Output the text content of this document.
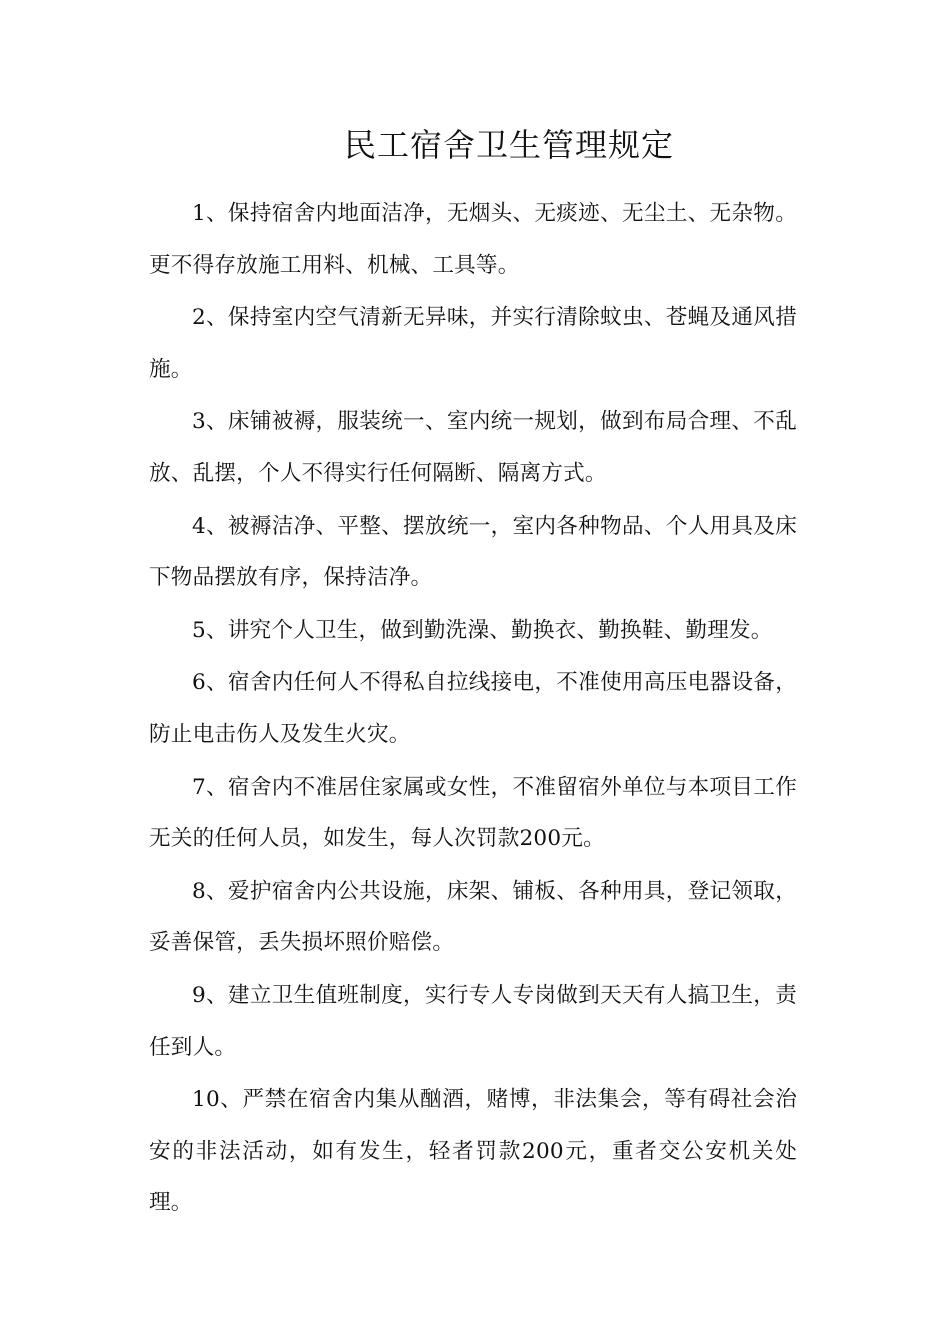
民工宿舍卫生管理规定

1、保持宿舍内地面洁净，无烟头、无痰迹、无尘土、无杂物。更不得存放施工用料、机械、工具等。

2、保持室内空气清新无异味，并实行清除蚊虫、苍蝇及通风措施。

3、床铺被褥，服装统一、室内统一规划，做到布局合理、不乱放、乱摆，个人不得实行任何隔断、隔离方式。

4、被褥洁净、平整、摆放统一，室内各种物品、个人用具及床下物品摆放有序，保持洁净。

5、讲究个人卫生，做到勤洗澡、勤换衣、勤换鞋、勤理发。

6、宿舍内任何人不得私自拉线接电，不准使用高压电器设备，防止电击伤人及发生火灾。

7、宿舍内不准居住家属或女性，不准留宿外单位与本项目工作无关的任何人员，如发生，每人次罚款200元。

8、爱护宿舍内公共设施，床架、铺板、各种用具，登记领取，妥善保管，丢失损坏照价赔偿。

9、建立卫生值班制度，实行专人专岗做到天天有人搞卫生，责任到人。

10、严禁在宿舍内集从酗酒，赌博，非法集会，等有碍社会治安的非法活动，如有发生，轻者罚款200元，重者交公安机关处理。
